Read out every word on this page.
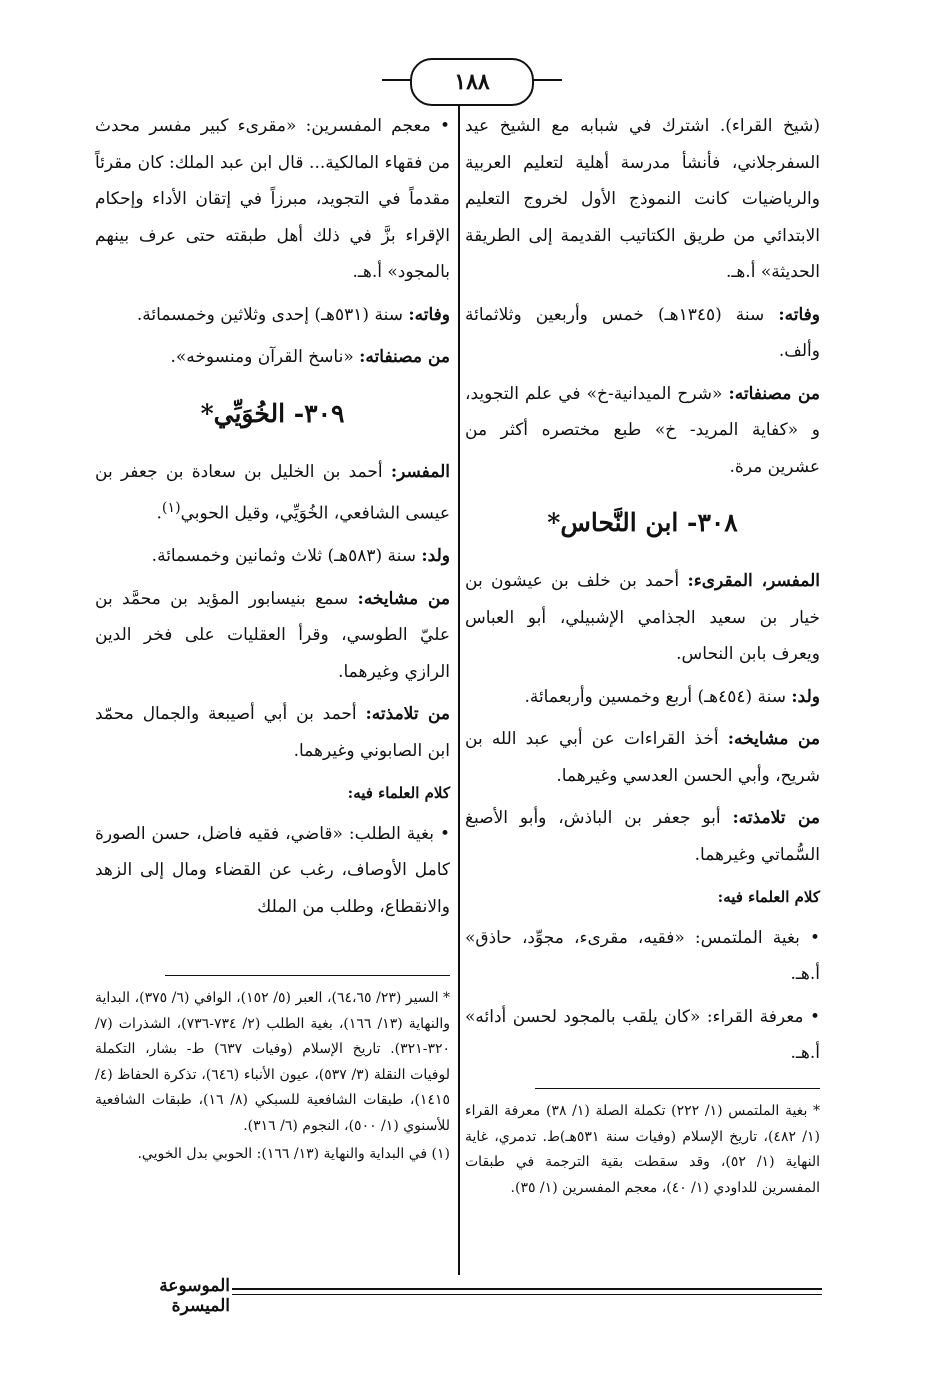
١٨٨

(شيخ القراء). اشترك في شبابه مع الشيخ عيد السفرجلاني، فأنشأ مدرسة أهلية لتعليم العربية والرياضيات كانت النموذج الأول لخروج التعليم الابتدائي من طريق الكتاتيب القديمة إلى الطريقة الحديثة» أ.هـ.

وفاته: سنة (١٣٤٥هـ) خمس وأربعين وثلاثمائة وألف.

من مصنفاته: «شرح الميدانية-خ» في علم التجويد، و «كفاية المريد- خ» طبع مختصره أكثر من عشرين مرة.

٣٠٨- ابن النَّحاس*

المفسر، المقرىء: أحمد بن خلف بن عيشون بن خيار بن سعيد الجذامي الإشبيلي، أبو العباس ويعرف بابن النحاس.

ولد: سنة (٤٥٤هـ) أربع وخمسين وأربعمائة.

من مشايخه: أخذ القراءات عن أبي عبد الله بن شريح، وأبي الحسن العدسي وغيرهما.

من تلامذته: أبو جعفر بن الباذش، وأبو الأصبغ السُّماتي وغيرهما.

كلام العلماء فيه:

• بغية الملتمس: «فقيه، مقرىء، مجوِّد، حاذق» أ.هـ.

• معرفة القراء: «كان يلقب بالمجود لحسن أدائه» أ.هـ.

* بغية الملتمس (١/ ٢٢٢) تكملة الصلة (١/ ٣٨) معرفة القراء (١/ ٤٨٢)، تاريخ الإسلام (وفيات سنة ٥٣١هـ)ط. تدمري، غاية النهاية (١/ ٥٢)، وقد سقطت بقية الترجمة في طبقات المفسرين للداودي (١/ ٤٠)، معجم المفسرين (١/ ٣٥).

• معجم المفسرين: «مقرىء كبير مفسر محدث من فقهاء المالكية... قال ابن عبد الملك: كان مقرئاً مقدماً في التجويد، مبرزاً في إتقان الأداء وإحكام الإقراء بزَّ في ذلك أهل طبقته حتى عرف بينهم بالمجود» أ.هـ.

وفاته: سنة (٥٣١هـ) إحدى وثلاثين وخمسمائة.

من مصنفاته: «ناسخ القرآن ومنسوخه».

٣٠٩- الخُوَيِّي*

المفسر: أحمد بن الخليل بن سعادة بن جعفر بن عيسى الشافعي، الخُوَيِّي، وقيل الحوبي$^{(١)}$.

ولد: سنة (٥٨٣هـ) ثلاث وثمانين وخمسمائة.

من مشايخه: سمع بنيسابور المؤيد بن محمَّد بن عليّ الطوسي، وقرأ العقليات على فخر الدين الرازي وغيرهما.

من تلامذته: أحمد بن أبي أصيبعة والجمال محمّد ابن الصابوني وغيرهما.

كلام العلماء فيه:

• بغية الطلب: «قاضي، فقيه فاضل، حسن الصورة كامل الأوصاف، رغب عن القضاء ومال إلى الزهد والانقطاع، وطلب من الملك

* السير (٢٣/ ٦٤،٦٥)، العبر (٥/ ١٥٢)، الوافي (٦/ ٣٧٥)، البداية والنهاية (١٣/ ١٦٦)، بغية الطلب (٢/ ٧٣٤-٧٣٦)، الشذرات (٧/ ٣٢٠-٣٢١). تاريخ الإسلام (وفيات ٦٣٧) ط- بشار، التكملة لوفيات النقلة (٣/ ٥٣٧)، عيون الأنباء (٦٤٦)، تذكرة الحفاظ (٤/ ١٤١٥)، طبقات الشافعية للسبكي (٨/ ١٦)، طبقات الشافعية للأسنوي (١/ ٥٠٠)، النجوم (٦/ ٣١٦).

(١) في البداية والنهاية (١٣/ ١٦٦): الحوبي بدل الخويي.

الموسوعة الميسرة
